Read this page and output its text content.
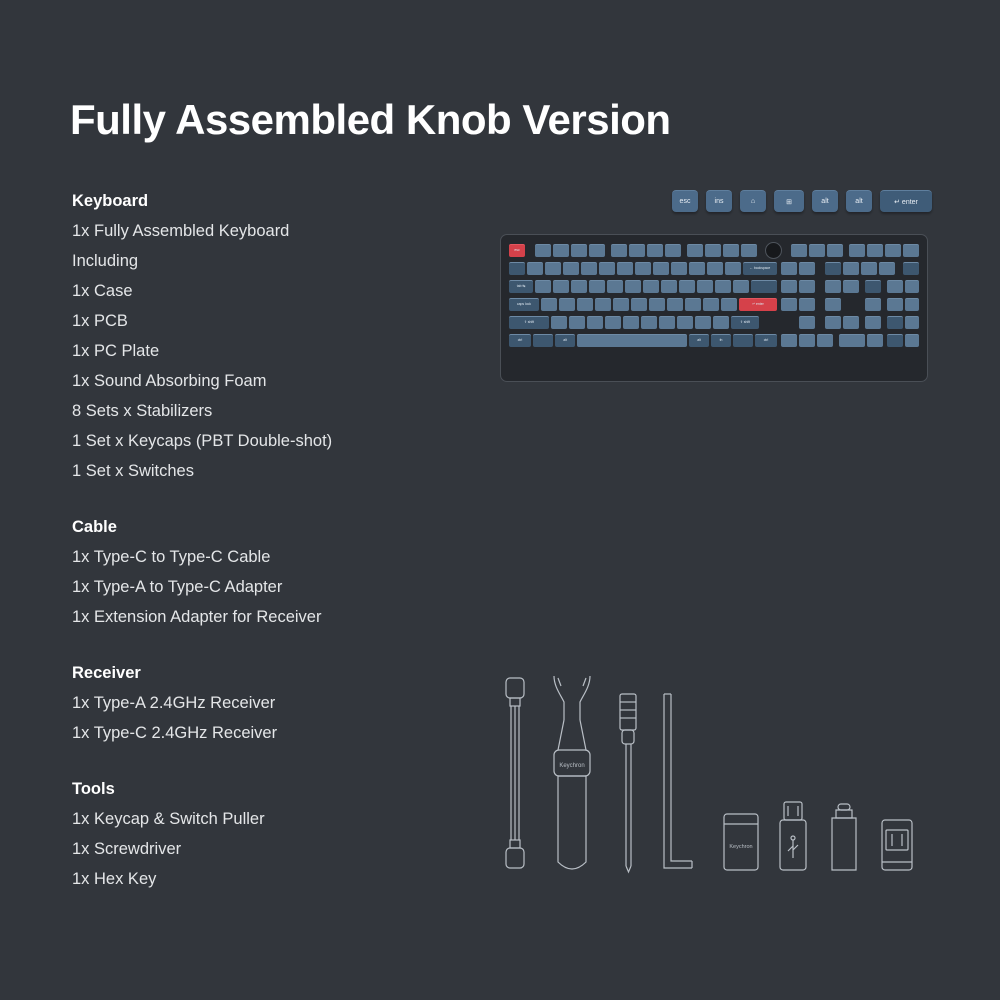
Fully Assembled Knob Version
Keyboard
1x Fully Assembled Keyboard
Including
1x Case
1x PCB
1x PC Plate
1x Sound Absorbing Foam
8 Sets x Stabilizers
1 Set x Keycaps (PBT Double-shot)
1 Set x Switches
Cable
1x Type-C to Type-C Cable
1x Type-A to Type-C Adapter
1x Extension Adapter for Receiver
Receiver
1x Type-A 2.4GHz Receiver
1x Type-C 2.4GHz Receiver
Tools
1x Keycap & Switch Puller
1x Screwdriver
1x Hex Key
esc	ins	⌂	⊞	alt	alt	↵ enter
esc
← backspace
tab ↹
caps lock	↵ enter
⇧ shift	⇧ shift
ctrl	alt	alt	fn	ctrl
Keychron
Keychron
